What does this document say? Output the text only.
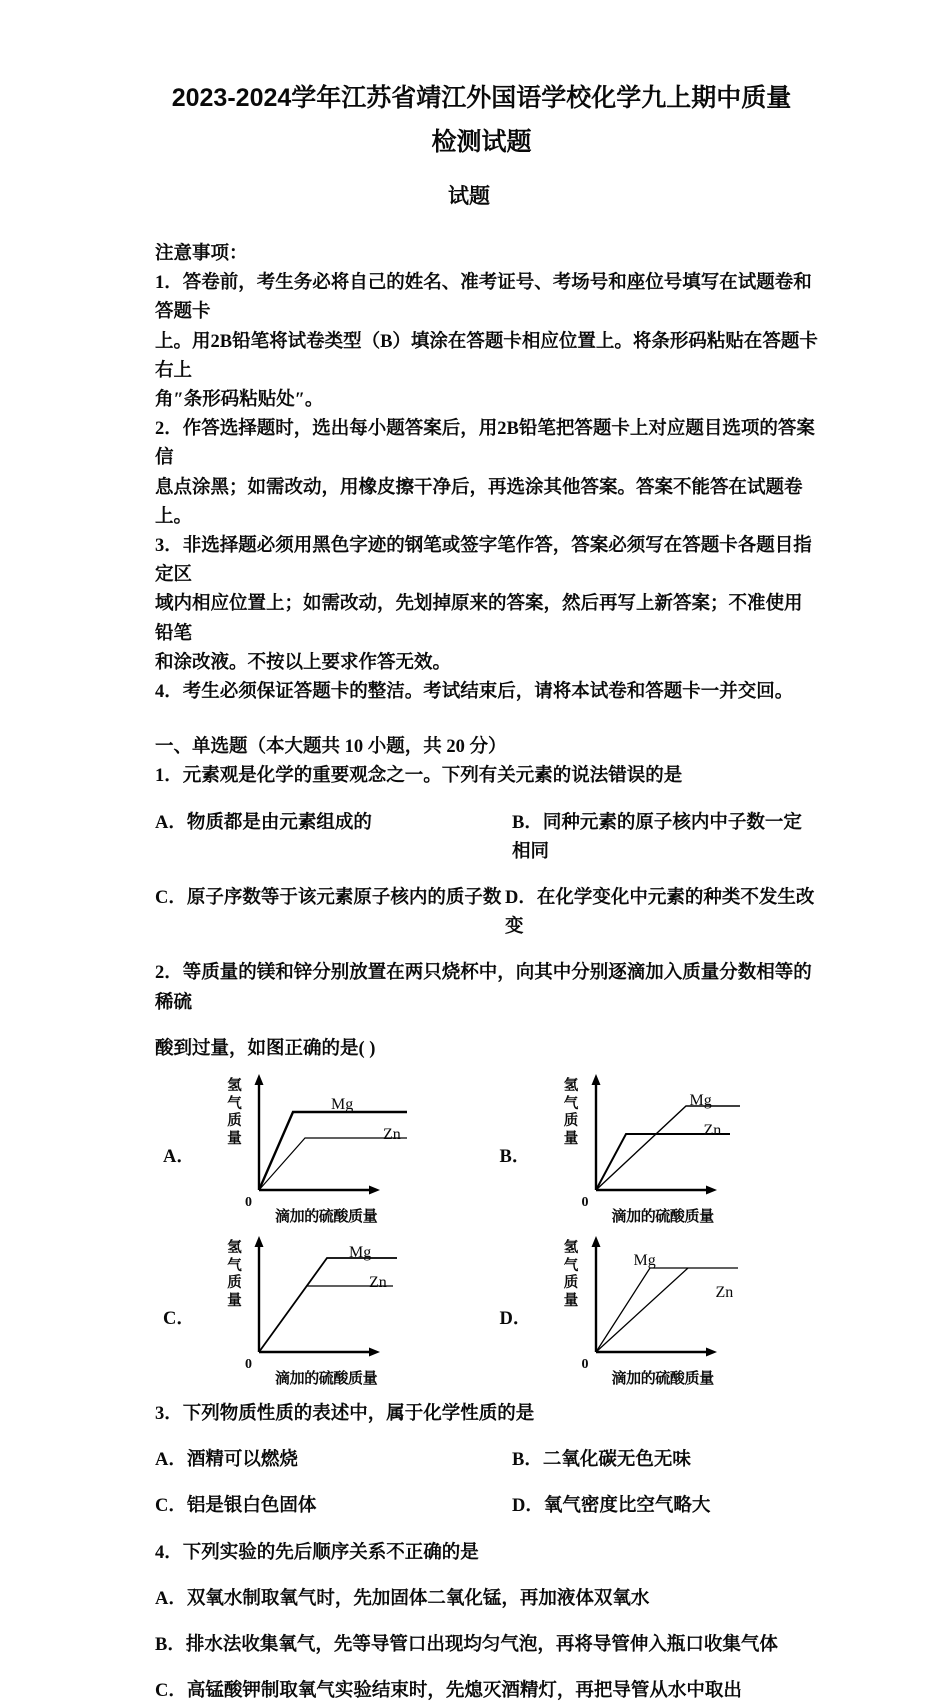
2023-2024学年江苏省靖江外国语学校化学九上期中质量检测试题
试题
注意事项：
1．答卷前，考生务必将自己的姓名、准考证号、考场号和座位号填写在试题卷和答题卡
上。用2B铅笔将试卷类型（B）填涂在答题卡相应位置上。将条形码粘贴在答题卡右上
角″条形码粘贴处″。
2．作答选择题时，选出每小题答案后，用2B铅笔把答题卡上对应题目选项的答案信
息点涂黑；如需改动，用橡皮擦干净后，再选涂其他答案。答案不能答在试题卷上。
3．非选择题必须用黑色字迹的钢笔或签字笔作答，答案必须写在答题卡各题目指定区
域内相应位置上；如需改动，先划掉原来的答案，然后再写上新答案；不准使用铅笔
和涂改液。不按以上要求作答无效。
4．考生必须保证答题卡的整洁。考试结束后，请将本试卷和答题卡一并交回。
一、单选题（本大题共 10 小题，共 20 分）
1．元素观是化学的重要观念之一。下列有关元素的说法错误的是
A．物质都是由元素组成的	B．同种元素的原子核内中子数一定相同
C．原子序数等于该元素原子核内的质子数 D．在化学变化中元素的种类不发生改变
2．等质量的镁和锌分别放置在两只烧杯中，向其中分别逐滴加入质量分数相等的稀硫
酸到过量，如图正确的是( )
A．
氢气质量
0
滴加的硫酸质量
Mg
Zn
B．
氢气质量
0
滴加的硫酸质量
Mg
Zn
C．
氢气质量
0
滴加的硫酸质量
Mg
Zn
D．
氢气质量
0
滴加的硫酸质量
Mg
Zn
3．下列物质性质的表述中，属于化学性质的是
A．酒精可以燃烧	B．二氧化碳无色无味
C．铝是银白色固体	D．氧气密度比空气略大
4．下列实验的先后顺序关系不正确的是
A．双氧水制取氧气时，先加固体二氧化锰，再加液体双氧水
B．排水法收集氧气，先等导管口出现均匀气泡，再将导管伸入瓶口收集气体
C．高锰酸钾制取氧气实验结束时，先熄灭酒精灯，再把导管从水中取出
